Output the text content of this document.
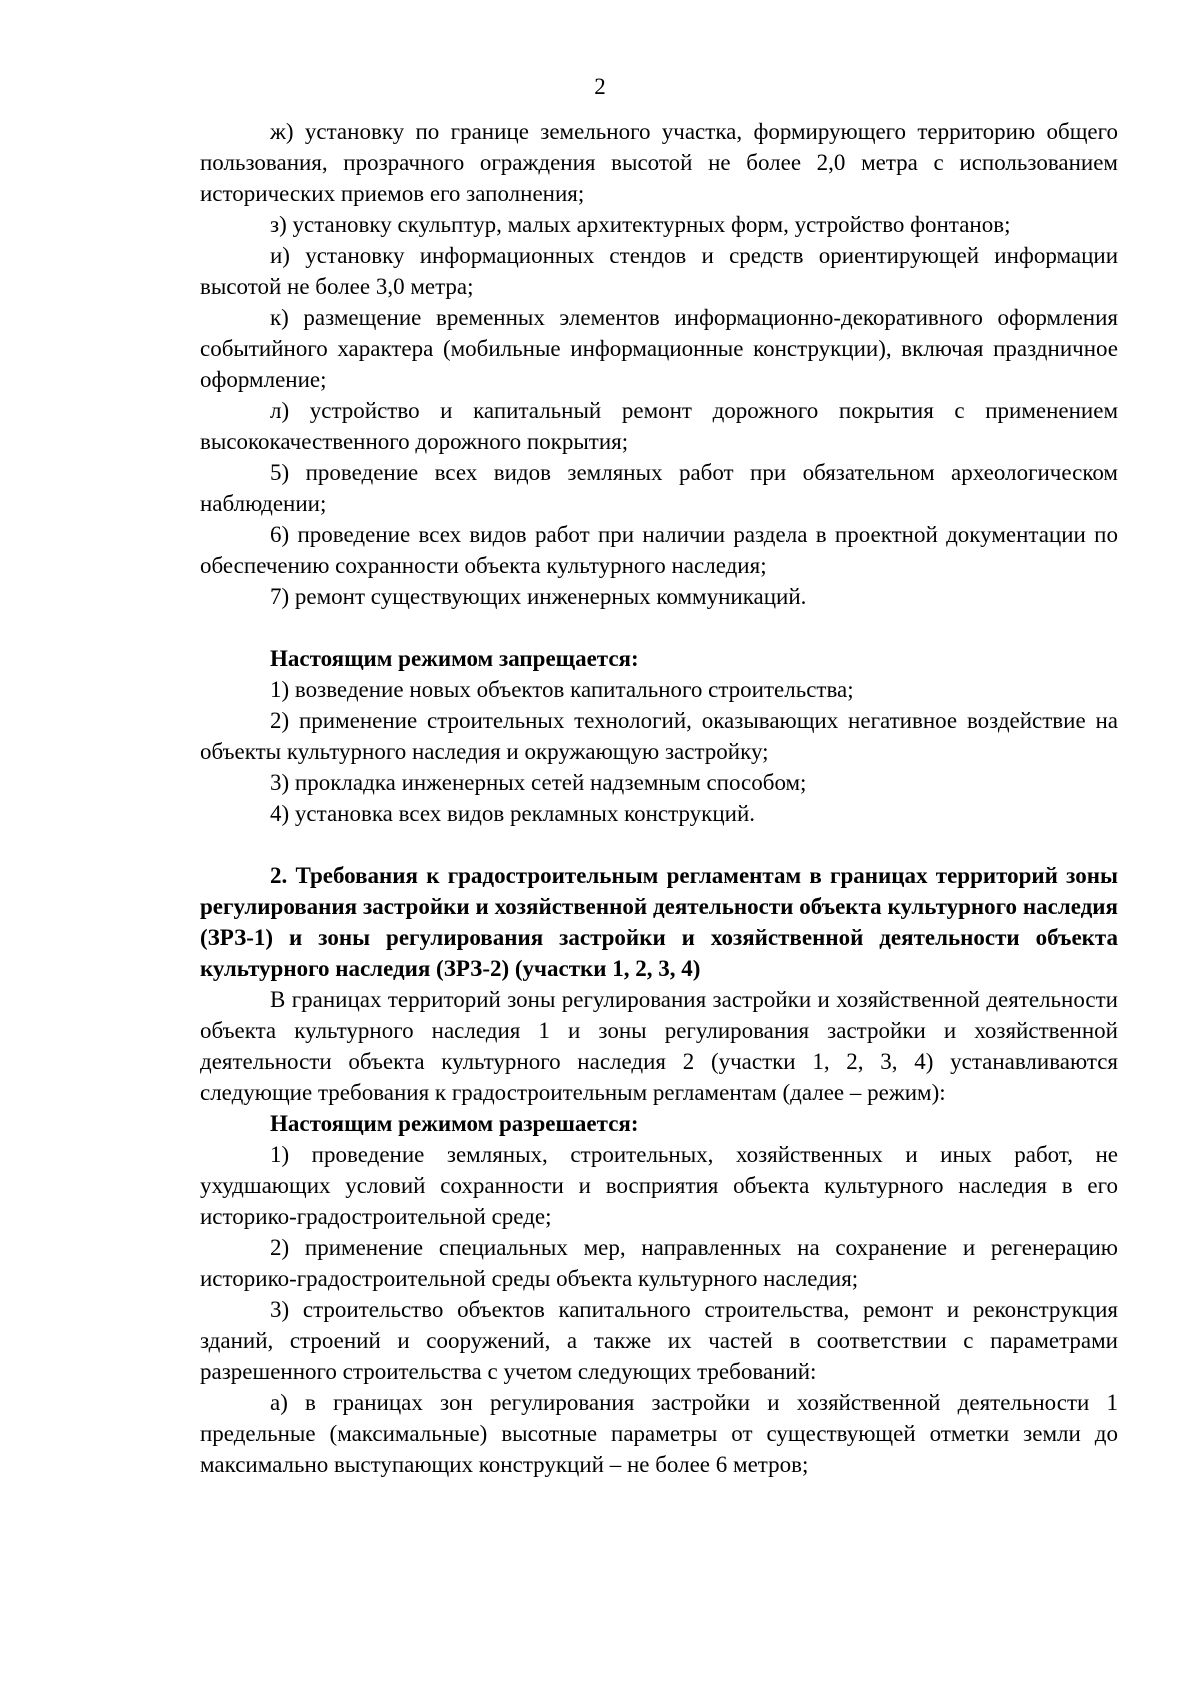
2

ж) установку по границе земельного участка, формирующего территорию общего пользования, прозрачного ограждения высотой не более 2,0 метра с использованием исторических приемов его заполнения;

з) установку скульптур, малых архитектурных форм, устройство фонтанов;

и) установку информационных стендов и средств ориентирующей информации высотой не более 3,0 метра;

к) размещение временных элементов информационно-декоративного оформления событийного характера (мобильные информационные конструкции), включая праздничное оформление;

л) устройство и капитальный ремонт дорожного покрытия с применением высококачественного дорожного покрытия;

5) проведение всех видов земляных работ при обязательном археологическом наблюдении;

6) проведение всех видов работ при наличии раздела в проектной документации по обеспечению сохранности объекта культурного наследия;

7) ремонт существующих инженерных коммуникаций.

Настоящим режимом запрещается:

1) возведение новых объектов капитального строительства;

2) применение строительных технологий, оказывающих негативное воздействие на объекты культурного наследия и окружающую застройку;

3) прокладка инженерных сетей надземным способом;

4) установка всех видов рекламных конструкций.

2. Требования к градостроительным регламентам в границах территорий зоны регулирования застройки и хозяйственной деятельности объекта культурного наследия (ЗРЗ-1) и зоны регулирования застройки и хозяйственной деятельности объекта культурного наследия (ЗРЗ-2) (участки 1, 2, 3, 4)

В границах территорий зоны регулирования застройки и хозяйственной деятельности объекта культурного наследия 1 и зоны регулирования застройки и хозяйственной деятельности объекта культурного наследия 2 (участки 1, 2, 3, 4) устанавливаются следующие требования к градостроительным регламентам (далее – режим):

Настоящим режимом разрешается:

1) проведение земляных, строительных, хозяйственных и иных работ, не ухудшающих условий сохранности и восприятия объекта культурного наследия в его историко-градостроительной среде;

2) применение специальных мер, направленных на сохранение и регенерацию историко-градостроительной среды объекта культурного наследия;

3) строительство объектов капитального строительства, ремонт и реконструкция зданий, строений и сооружений, а также их частей в соответствии с параметрами разрешенного строительства с учетом следующих требований:

а) в границах зон регулирования застройки и хозяйственной деятельности 1 предельные (максимальные) высотные параметры от существующей отметки земли до максимально выступающих конструкций – не более 6 метров;
